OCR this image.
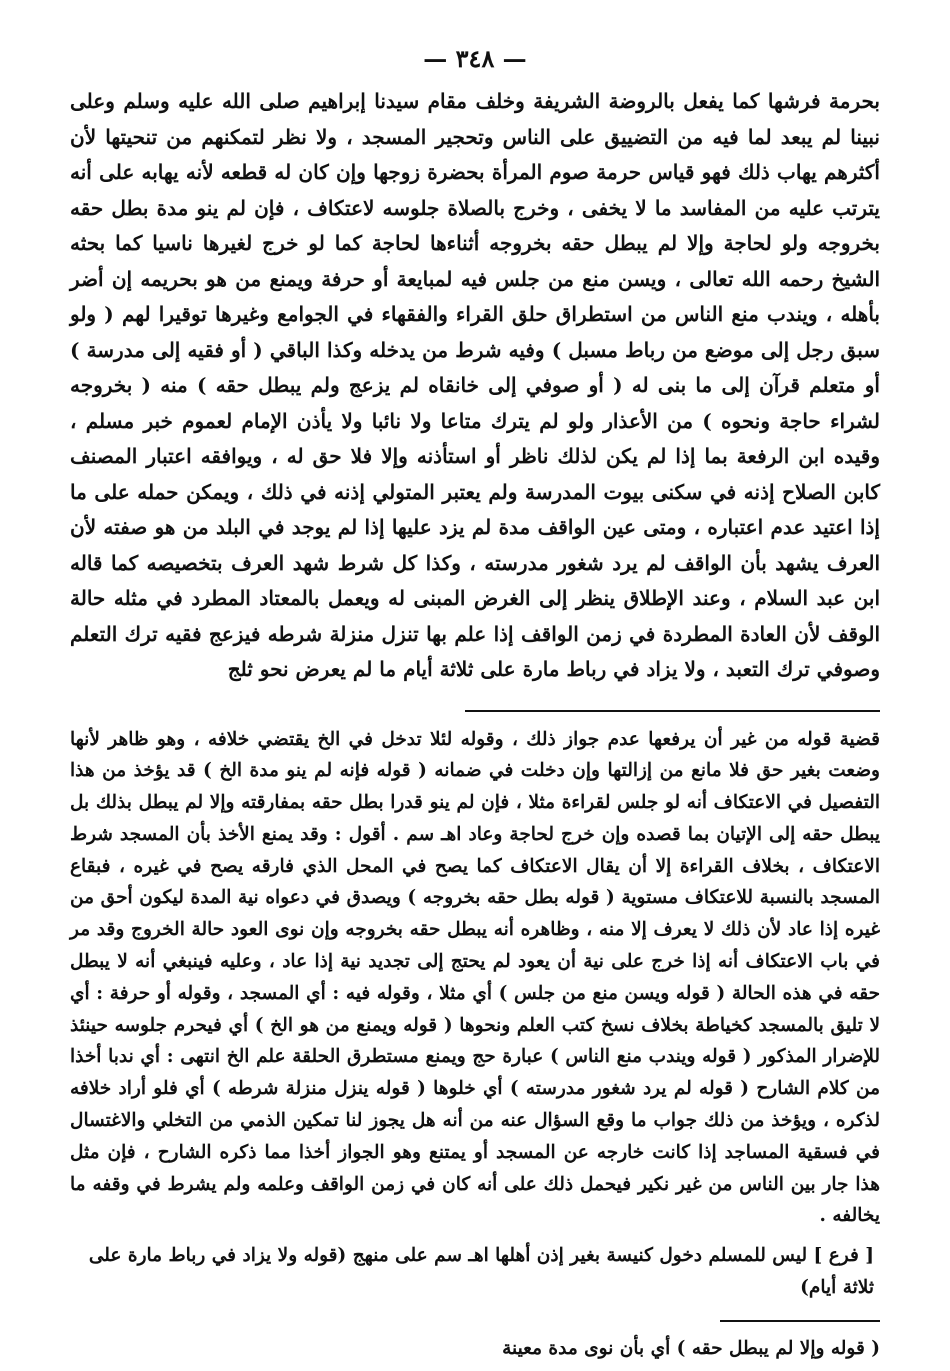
— ٣٤٨ —
بحرمة فرشها كما يفعل بالروضة الشريفة وخلف مقام سيدنا إبراهيم صلى الله عليه وسلم وعلى نبينا لم يبعد لما فيه من التضييق على الناس وتحجير المسجد ، ولا نظر لتمكنهم من تنحيتها لأن أكثرهم يهاب ذلك فهو قياس حرمة صوم المرأة بحضرة زوجها وإن كان له قطعه لأنه يهابه على أنه يترتب عليه من المفاسد ما لا يخفى ، وخرج بالصلاة جلوسه لاعتكاف ، فإن لم ينو مدة بطل حقه بخروجه ولو لحاجة وإلا لم يبطل حقه بخروجه أثناءها لحاجة كما لو خرج لغيرها ناسيا كما بحثه الشيخ رحمه الله تعالى ، ويسن منع من جلس فيه لمبايعة أو حرفة ويمنع من هو بحريمه إن أضر بأهله ، ويندب منع الناس من استطراق حلق القراء والفقهاء في الجوامع وغيرها توقيرا لهم ( ولو سبق رجل إلى موضع من رباط مسبل ) وفيه شرط من يدخله وكذا الباقي ( أو فقيه إلى مدرسة ) أو متعلم قرآن إلى ما بنى له ( أو صوفي إلى خانقاه لم يزعج ولم يبطل حقه ) منه ( بخروجه لشراء حاجة ونحوه ) من الأعذار ولو لم يترك متاعا ولا نائبا ولا يأذن الإمام لعموم خبر مسلم ، وقيده ابن الرفعة بما إذا لم يكن لذلك ناظر أو استأذنه وإلا فلا حق له ، ويوافقه اعتبار المصنف كابن الصلاح إذنه في سكنى بيوت المدرسة ولم يعتبر المتولي إذنه في ذلك ، ويمكن حمله على ما إذا اعتيد عدم اعتباره ، ومتى عين الواقف مدة لم يزد عليها إذا لم يوجد في البلد من هو صفته لأن العرف يشهد بأن الواقف لم يرد شغور مدرسته ، وكذا كل شرط شهد العرف بتخصيصه كما قاله ابن عبد السلام ، وعند الإطلاق ينظر إلى الغرض المبنى له ويعمل بالمعتاد المطرد في مثله حالة الوقف لأن العادة المطردة في زمن الواقف إذا علم بها تنزل منزلة شرطه فيزعج فقيه ترك التعلم وصوفي ترك التعبد ، ولا يزاد في رباط مارة على ثلاثة أيام ما لم يعرض نحو ثلج
قضية قوله من غير أن يرفعها عدم جواز ذلك ، وقوله لئلا تدخل في الخ يقتضي خلافه ، وهو ظاهر لأنها وضعت بغير حق فلا مانع من إزالتها وإن دخلت في ضمانه ( قوله فإنه لم ينو مدة الخ ) قد يؤخذ من هذا التفصيل في الاعتكاف أنه لو جلس لقراءة مثلا ، فإن لم ينو قدرا بطل حقه بمفارقته وإلا لم يبطل بذلك بل يبطل حقه إلى الإتيان بما قصده وإن خرج لحاجة وعاد اهـ سم . أقول : وقد يمنع الأخذ بأن المسجد شرط الاعتكاف ، بخلاف القراءة إلا أن يقال الاعتكاف كما يصح في المحل الذي فارقه يصح في غيره ، فبقاع المسجد بالنسبة للاعتكاف مستوية ( قوله بطل حقه بخروجه ) ويصدق في دعواه نية المدة ليكون أحق من غيره إذا عاد لأن ذلك لا يعرف إلا منه ، وظاهره أنه يبطل حقه بخروجه وإن نوى العود حالة الخروج وقد مر في باب الاعتكاف أنه إذا خرج على نية أن يعود لم يحتج إلى تجديد نية إذا عاد ، وعليه فينبغي أنه لا يبطل حقه في هذه الحالة ( قوله ويسن منع من جلس ) أي مثلا ، وقوله فيه : أي المسجد ، وقوله أو حرفة : أي لا تليق بالمسجد كخياطة بخلاف نسخ كتب العلم ونحوها ( قوله ويمنع من هو الخ ) أي فيحرم جلوسه حينئذ للإضرار المذكور ( قوله ويندب منع الناس ) عبارة حج ويمنع مستطرق الحلقة علم الخ انتهى : أي ندبا أخذا من كلام الشارح ( قوله لم يرد شغور مدرسته ) أي خلوها ( قوله ينزل منزلة شرطه ) أي فلو أراد خلافه لذكره ، ويؤخذ من ذلك جواب ما وقع السؤال عنه من أنه هل يجوز لنا تمكين الذمي من التخلي والاغتسال في فسقية المساجد إذا كانت خارجه عن المسجد أو يمتنع وهو الجواز أخذا مما ذكره الشارح ، فإن مثل هذا جار بين الناس من غير نكير فيحمل ذلك على أنه كان في زمن الواقف وعلمه ولم يشرط في وقفه ما يخالفه .
[ فرع ] ليس للمسلم دخول كنيسة بغير إذن أهلها اهـ سم على منهج (قوله ولا يزاد في رباط مارة على ثلاثة أيام)
( قوله وإلا لم يبطل حقه ) أي بأن نوى مدة معينة
